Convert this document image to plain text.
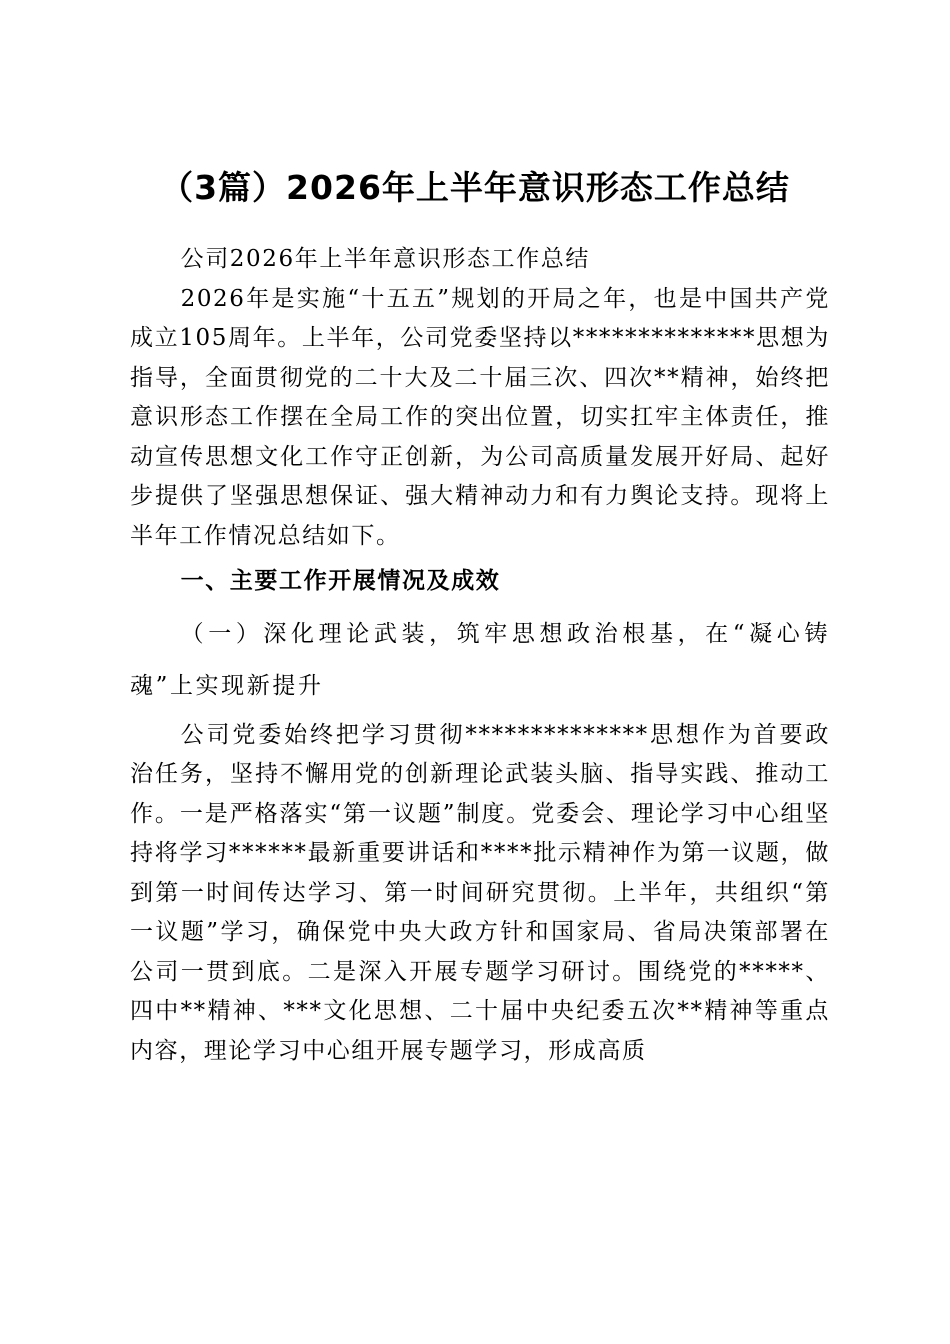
（3篇）2026年上半年意识形态工作总结

公司2026年上半年意识形态工作总结

2026年是实施“十五五”规划的开局之年，也是中国共产党成立105周年。上半年，公司党委坚持以**************思想为指导，全面贯彻党的二十大及二十届三次、四次**精神，始终把意识形态工作摆在全局工作的突出位置，切实扛牢主体责任，推动宣传思想文化工作守正创新，为公司高质量发展开好局、起好步提供了坚强思想保证、强大精神动力和有力舆论支持。现将上半年工作情况总结如下。

一、主要工作开展情况及成效

（一）深化理论武装，筑牢思想政治根基，在“凝心铸魂”上实现新提升

公司党委始终把学习贯彻**************思想作为首要政治任务，坚持不懈用党的创新理论武装头脑、指导实践、推动工作。一是严格落实“第一议题”制度。党委会、理论学习中心组坚持将学习******最新重要讲话和****批示精神作为第一议题，做到第一时间传达学习、第一时间研究贯彻。上半年，共组织“第一议题”学习，确保党中央大政方针和国家局、省局决策部署在公司一贯到底。二是深入开展专题学习研讨。围绕党的*****、四中**精神、***文化思想、二十届中央纪委五次**精神等重点内容，理论学习中心组开展专题学习，形成高质
